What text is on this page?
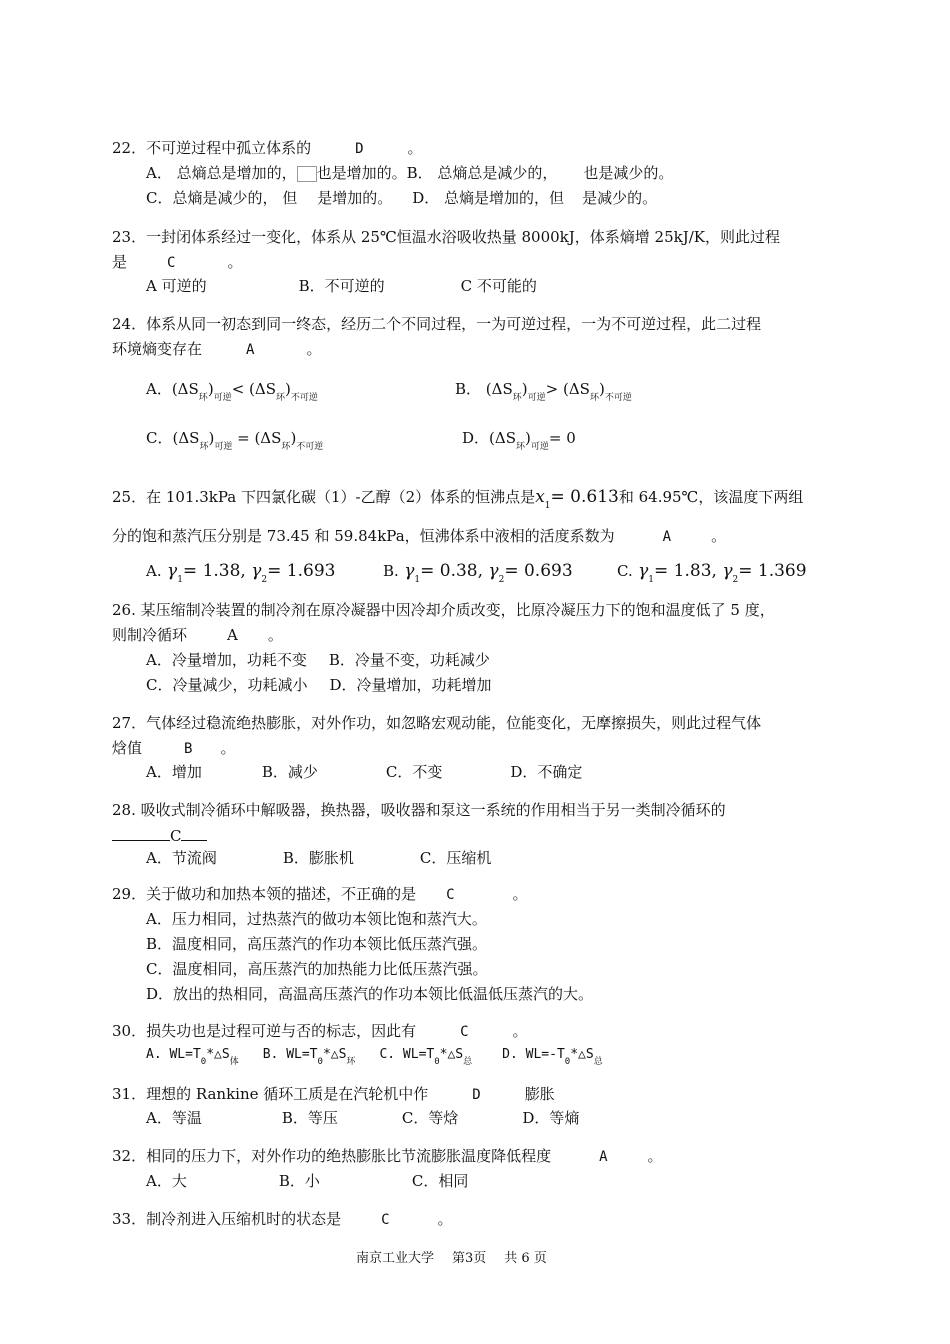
22．不可逆过程中孤立体系的	D	。
A． 总熵总是增加的， 也是增加的。B． 总熵总是减少的， 也是减少的。
C．总熵是减少的， 但 是增加的。 D． 总熵是增加的，但 是减少的。
23．一封闭体系经过一变化，体系从 25℃恒温水浴吸收热量 8000kJ，体系熵增 25kJ/K，则此过程
是	C	。
A 可逆的	B．不可逆的	C 不可能的
24．体系从同一初态到同一终态，经历二个不同过程，一为可逆过程，一为不可逆过程，此二过程
环境熵变存在	A	。
A．$(\Delta S_环)_{可逆}< (\Delta S_环)_{不可逆}$	B． $(\Delta S_环)_{可逆}> (\Delta S_环)_{不可逆}$
C．$(\Delta S_环)_{可逆} = (\Delta S_环)_{不可逆}$	D．$(\Delta S_环)_{可逆}= 0$
25．在 101.3kPa 下四氯化碳（1）-乙醇（2）体系的恒沸点是$x_1= 0.613$和 64.95℃，该温度下两组
分的饱和蒸汽压分别是 73.45 和 59.84kPa，恒沸体系中液相的活度系数为	A	。
A. $\gamma_1= 1.38$, $\gamma_2= 1.693$	B. $\gamma_1= 0.38$, $\gamma_2= 0.693$	C. $\gamma_1= 1.83$, $\gamma_2= 1.369$
26. 某压缩制冷装置的制冷剂在原冷凝器中因冷却介质改变，比原冷凝压力下的饱和温度低了 5 度，
则制冷循环	A 。
A．冷量增加，功耗不变 B．冷量不变，功耗减少
C．冷量减少，功耗减小 D．冷量增加，功耗增加
27．气体经过稳流绝热膨胀，对外作功，如忽略宏观动能，位能变化，无摩擦损失，则此过程气体
焓值	B 。
A．增加	B．减少	C．不变	D．不确定
28. 吸收式制冷循环中解吸器，换热器，吸收器和泵这一系统的作用相当于另一类制冷循环的
C
A．节流阀	B．膨胀机	C．压缩机
29．关于做功和加热本领的描述，不正确的是 C	。
A．压力相同，过热蒸汽的做功本领比饱和蒸汽大。
B．温度相同，高压蒸汽的作功本领比低压蒸汽强。
C．温度相同，高压蒸汽的加热能力比低压蒸汽强。
D．放出的热相同，高温高压蒸汽的作功本领比低温低压蒸汽的大。
30．损失功也是过程可逆与否的标志，因此有	C	。
A. $WL=T_0*\triangle S_体$ B. $WL=T_0*\triangle S_环$ C. $WL=T_0*\triangle S_总$ D. $WL=-T_0*\triangle S_总$
31．理想的 Rankine 循环工质是在汽轮机中作	D	膨胀
A．等温	B．等压	C．等焓	D．等熵
32．相同的压力下，对外作功的绝热膨胀比节流膨胀温度降低程度	A	。
A．大	B．小	C．相同
33．制冷剂进入压缩机时的状态是	C	。
南京工业大学 第3页 共 6 页
